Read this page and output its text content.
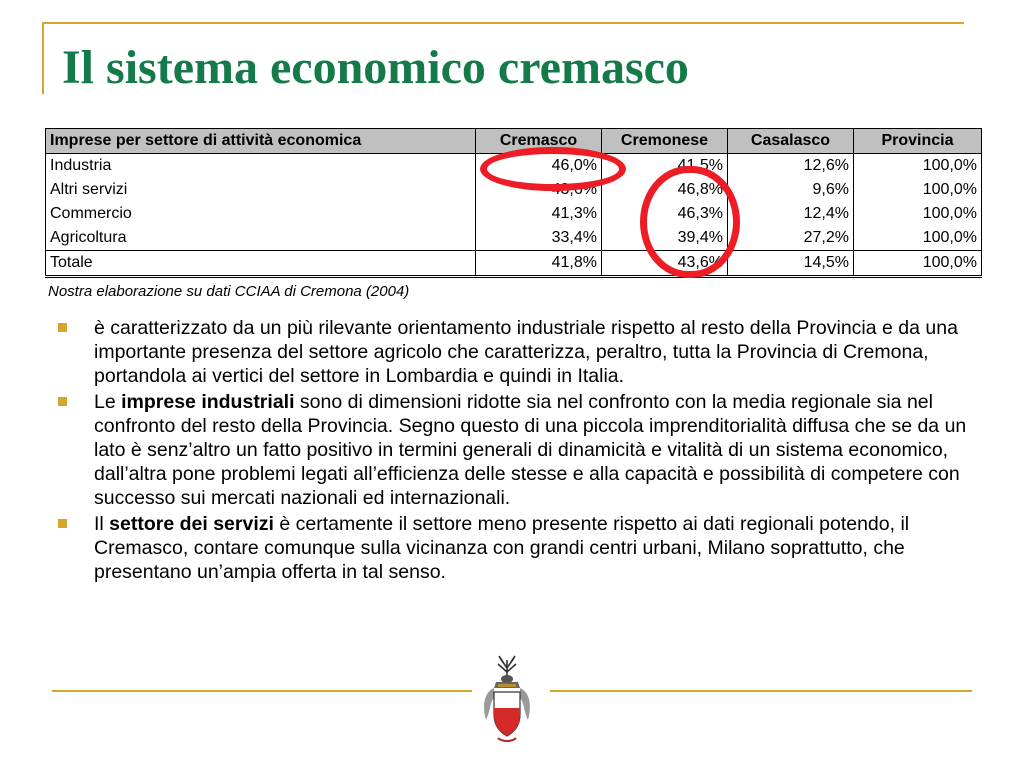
Il sistema economico cremasco
Imprese per settore di attività economica	Cremasco	Cremonese	Casalasco	Provincia
Industria	46,0%	41,5%	12,6%	100,0%
Altri servizi	43,6%	46,8%	9,6%	100,0%
Commercio	41,3%	46,3%	12,4%	100,0%
Agricoltura	33,4%	39,4%	27,2%	100,0%
Totale	41,8%	43,6%	14,5%	100,0%

Nostra elaborazione su dati CCIAA di Cremona (2004)

è caratterizzato da un più rilevante orientamento industriale rispetto al resto della Provincia e da una importante presenza del settore agricolo che caratterizza, peraltro, tutta la Provincia di Cremona, portandola ai vertici del settore in Lombardia e quindi in Italia.
Le imprese industriali sono di dimensioni ridotte sia nel confronto con la media regionale sia nel confronto del resto della Provincia. Segno questo di una piccola imprenditorialità diffusa che se da un lato è senz’altro un fatto positivo in termini generali di dinamicità e vitalità di un sistema economico, dall’altra pone problemi legati all’efficienza delle stesse e alla capacità e possibilità di competere con successo sui mercati nazionali ed internazionali.
Il settore dei servizi è certamente il settore meno presente rispetto ai dati regionali potendo, il Cremasco, contare comunque sulla vicinanza con grandi centri urbani, Milano soprattutto, che presentano un’ampia offerta in tal senso.
